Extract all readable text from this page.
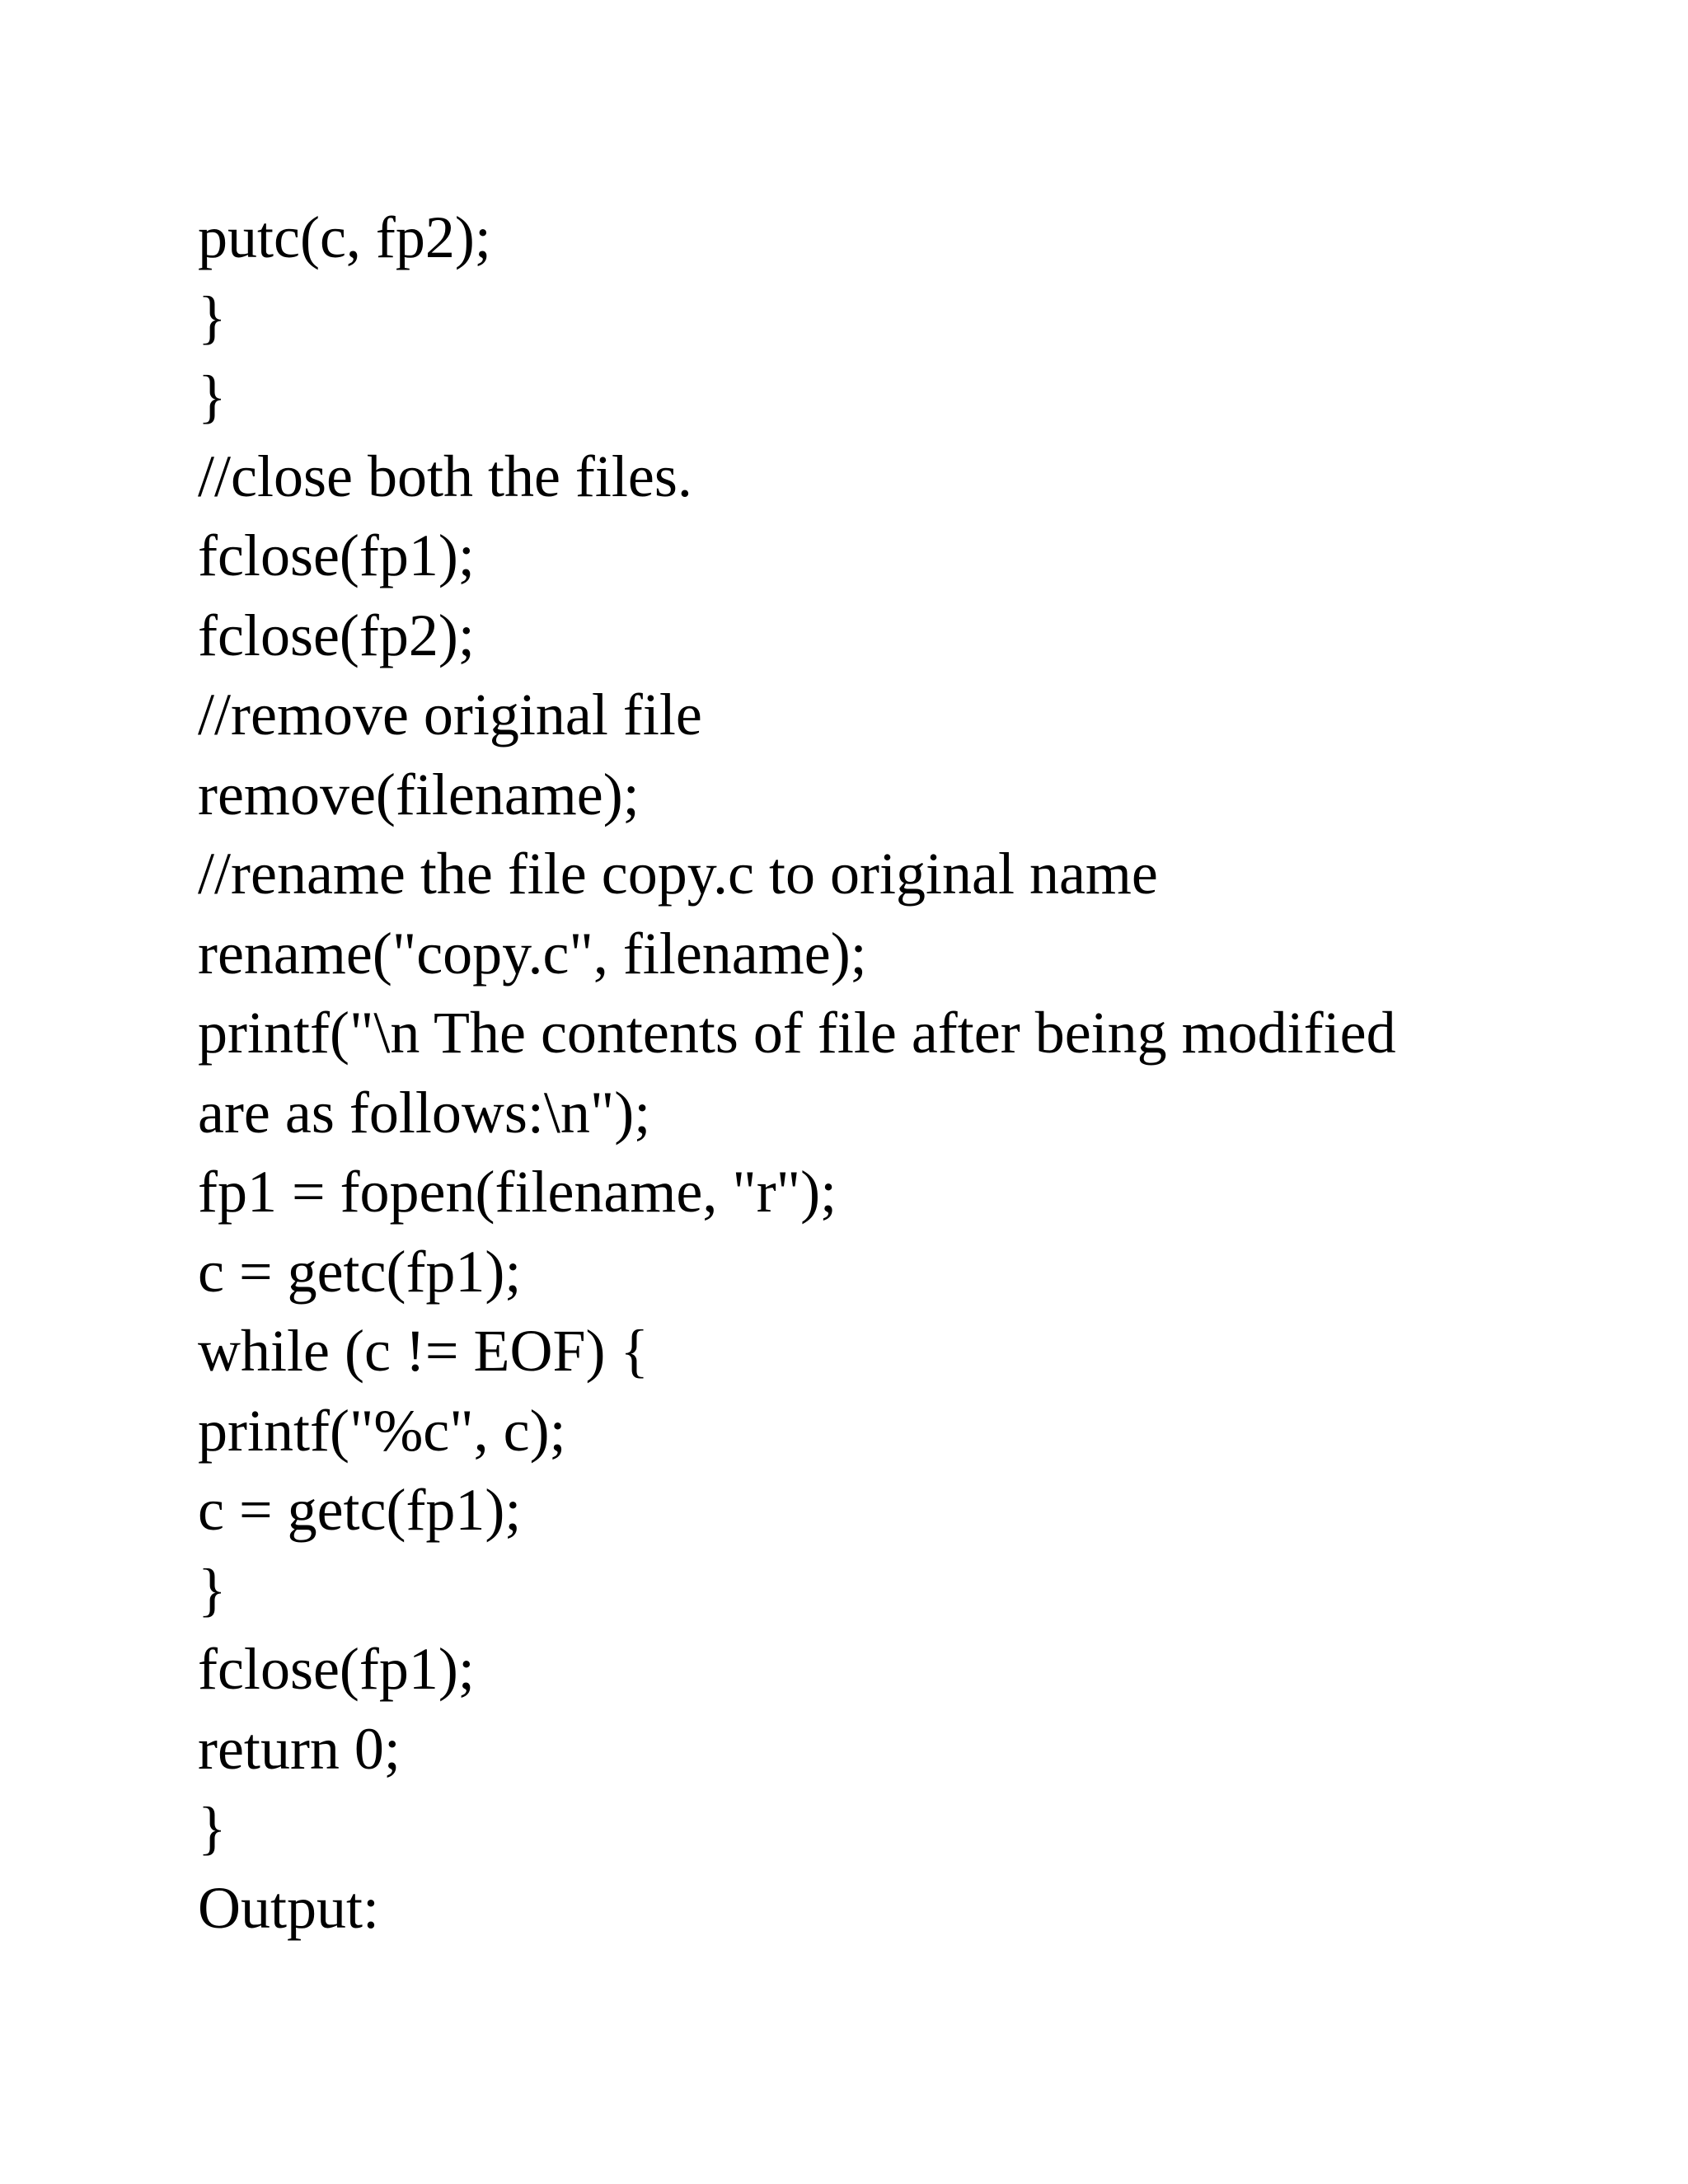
putc(c, fp2);
}
}
//close both the files.
fclose(fp1);
fclose(fp2);
//remove original file
remove(filename);
//rename the file copy.c to original name
rename("copy.c", filename);
printf("\n The contents of file after being modified
are as follows:\n");
fp1 = fopen(filename, "r");
c = getc(fp1);
while (c != EOF) {
printf("%c", c);
c = getc(fp1);
}
fclose(fp1);
return 0;
}
Output:
